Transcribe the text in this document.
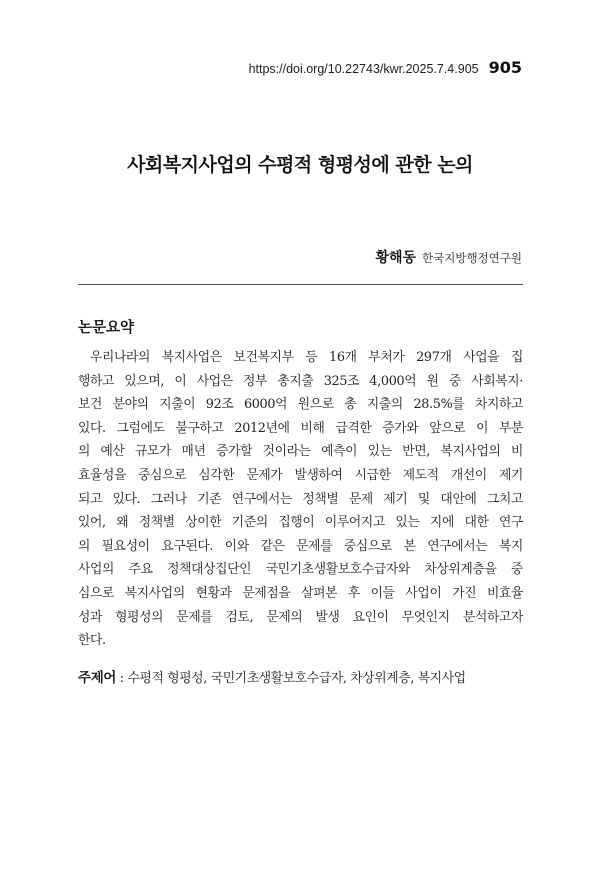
https://doi.org/10.22743/kwr.2025.7.4.905 905
사회복지사업의 수평적 형평성에 관한 논의
황해동 한국지방행정연구원
논문요약
우리나라의 복지사업은 보건복지부 등 16개 부처가 297개 사업을 집
행하고 있으며, 이 사업은 정부 총지출 325조 4,000억 원 중 사회복지·
보건 분야의 지출이 92조 6000억 원으로 총 지출의 28.5%를 차지하고
있다. 그럼에도 불구하고 2012년에 비해 급격한 증가와 앞으로 이 부분
의 예산 규모가 매년 증가할 것이라는 예측이 있는 반면, 복지사업의 비
효율성을 중심으로 심각한 문제가 발생하여 시급한 제도적 개선이 제기
되고 있다. 그러나 기존 연구에서는 정책별 문제 제기 및 대안에 그치고
있어, 왜 정책별 상이한 기준의 집행이 이루어지고 있는 지에 대한 연구
의 필요성이 요구된다. 이와 같은 문제를 중심으로 본 연구에서는 복지
사업의 주요 정책대상집단인 국민기초생활보호수급자와 차상위계층을 중
심으로 복지사업의 현황과 문제점을 살펴본 후 이들 사업이 가진 비효율
성과 형평성의 문제를 검토, 문제의 발생 요인이 무엇인지 분석하고자
한다.
주제어 : 수평적 형평성, 국민기초생활보호수급자, 차상위계층, 복지사업
